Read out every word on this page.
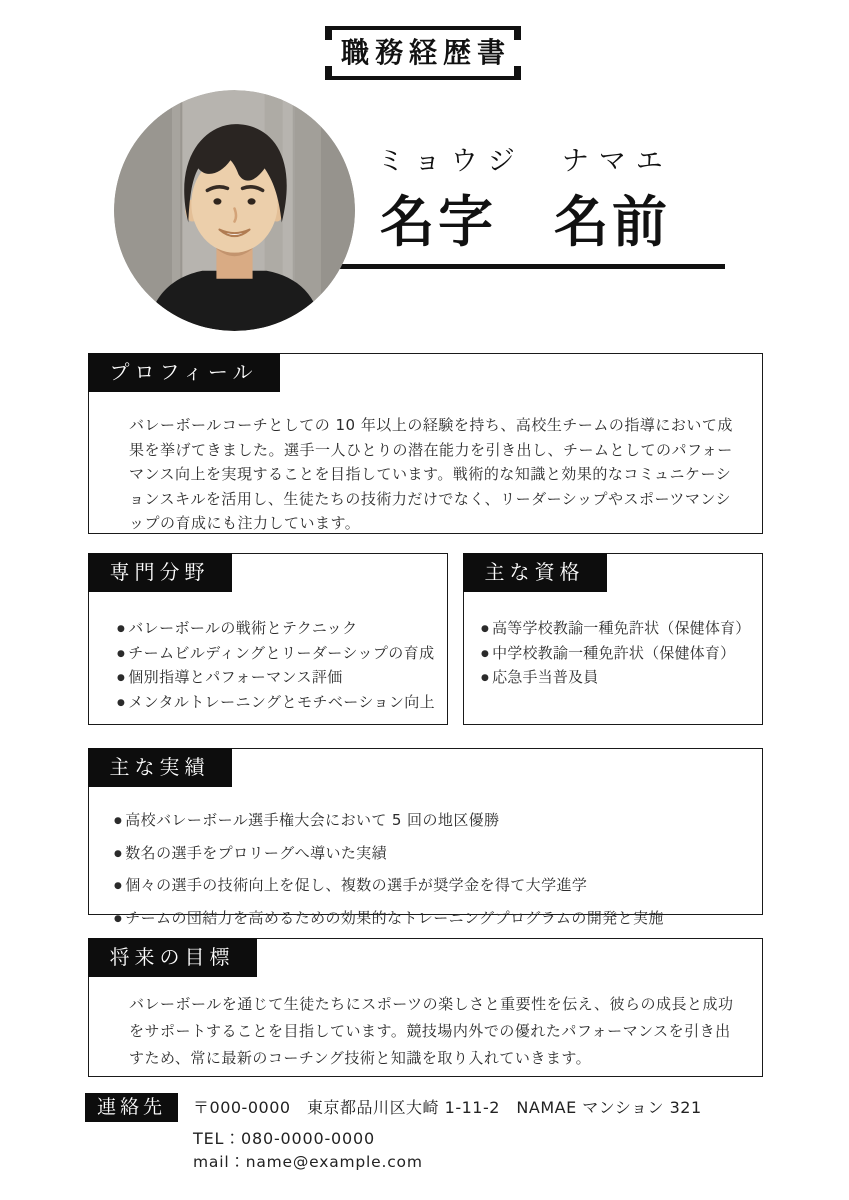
職務経歴書
ミョウジ　ナマエ
名字　名前
プロフィール

バレーボールコーチとしての 10 年以上の経験を持ち、高校生チームの指導において成果を挙げてきました。選手一人ひとりの潜在能力を引き出し、チームとしてのパフォーマンス向上を実現することを目指しています。戦術的な知識と効果的なコミュニケーションスキルを活用し、生徒たちの技術力だけでなく、リーダーシップやスポーツマンシップの育成にも注力しています。

専門分野
● バレーボールの戦術とテクニック
● チームビルディングとリーダーシップの育成
● 個別指導とパフォーマンス評価
● メンタルトレーニングとモチベーション向上
主な資格
● 高等学校教諭一種免許状（保健体育）
● 中学校教諭一種免許状（保健体育）
● 応急手当普及員
主な実績
● 高校バレーボール選手権大会において 5 回の地区優勝
● 数名の選手をプロリーグへ導いた実績
● 個々の選手の技術向上を促し、複数の選手が奨学金を得て大学進学
● チームの団結力を高めるための効果的なトレーニングプログラムの開発と実施
将来の目標

バレーボールを通じて生徒たちにスポーツの楽しさと重要性を伝え、彼らの成長と成功をサポートすることを目指しています。競技場内外での優れたパフォーマンスを引き出すため、常に最新のコーチング技術と知識を取り入れていきます。

連絡先	〒000-0000　東京都品川区大崎 1-11-2　NAMAE マンション 321
TEL：080-0000-0000
mail：name@example.com
